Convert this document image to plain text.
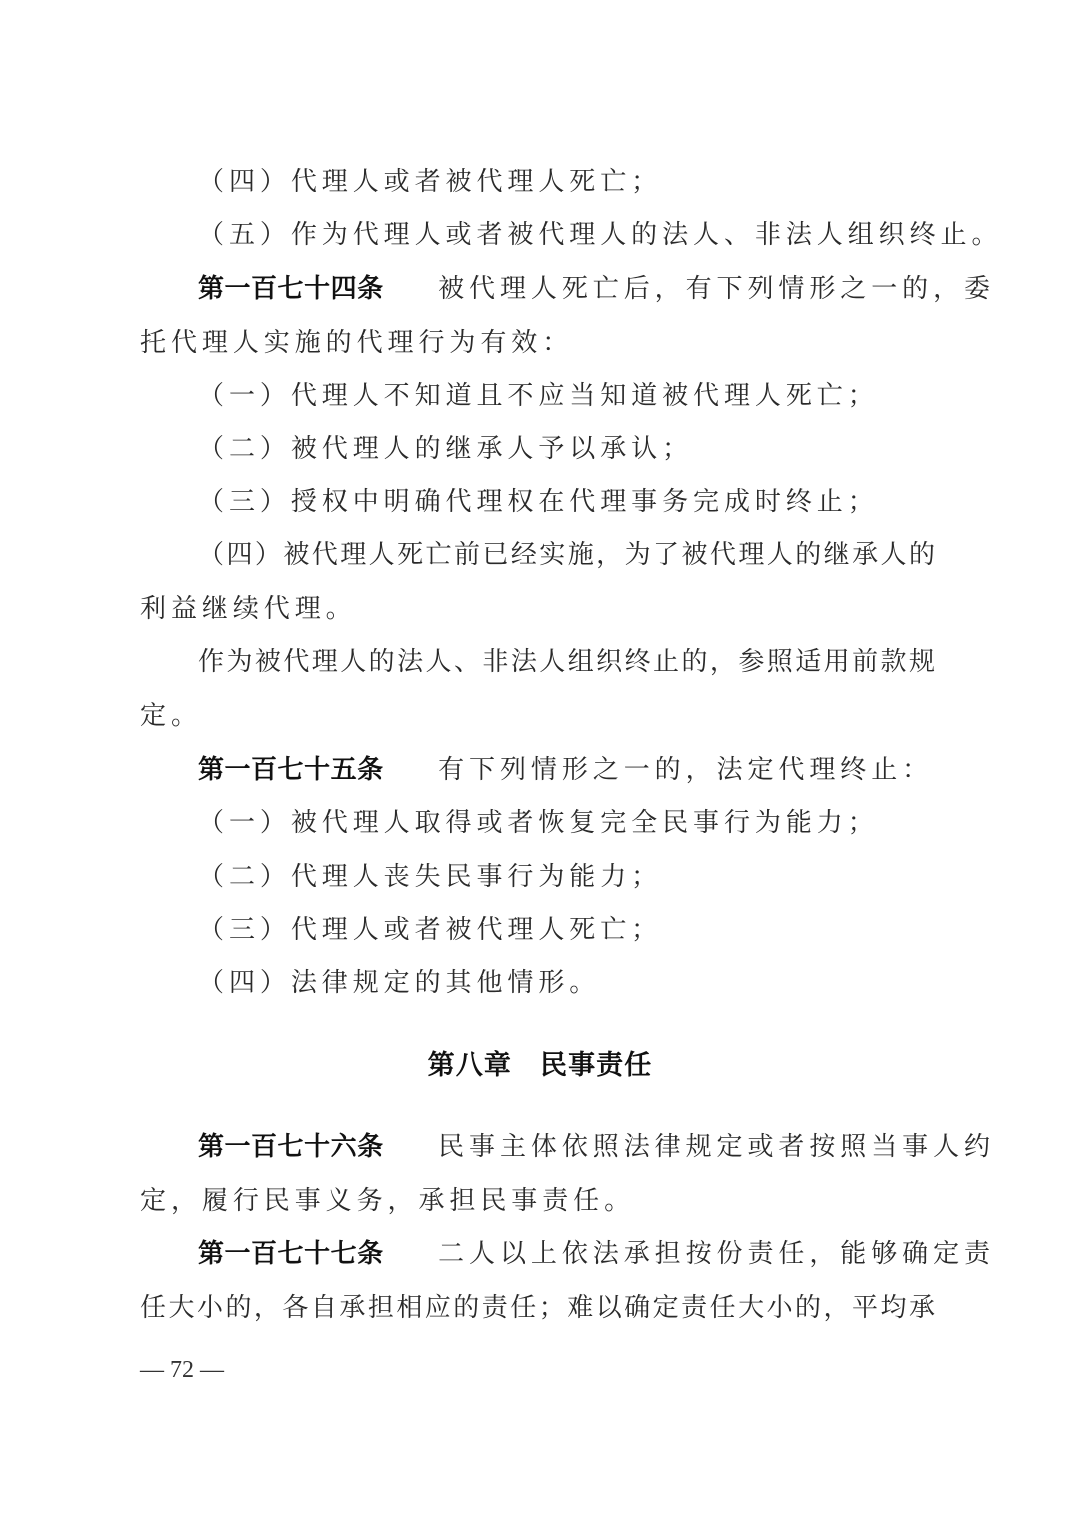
（四）代理人或者被代理人死亡；
（五）作为代理人或者被代理人的法人、非法人组织终止。
第一百七十四条 被代理人死亡后，有下列情形之一的，委
托代理人实施的代理行为有效：
（一）代理人不知道且不应当知道被代理人死亡；
（二）被代理人的继承人予以承认；
（三）授权中明确代理权在代理事务完成时终止；
（四）被代理人死亡前已经实施，为了被代理人的继承人的
利益继续代理。
作为被代理人的法人、非法人组织终止的，参照适用前款规
定。
第一百七十五条 有下列情形之一的，法定代理终止：
（一）被代理人取得或者恢复完全民事行为能力；
（二）代理人丧失民事行为能力；
（三）代理人或者被代理人死亡；
（四）法律规定的其他情形。
第八章　民事责任
第一百七十六条 民事主体依照法律规定或者按照当事人约
定，履行民事义务，承担民事责任。
第一百七十七条 二人以上依法承担按份责任，能够确定责
任大小的，各自承担相应的责任；难以确定责任大小的，平均承
— 72 —
